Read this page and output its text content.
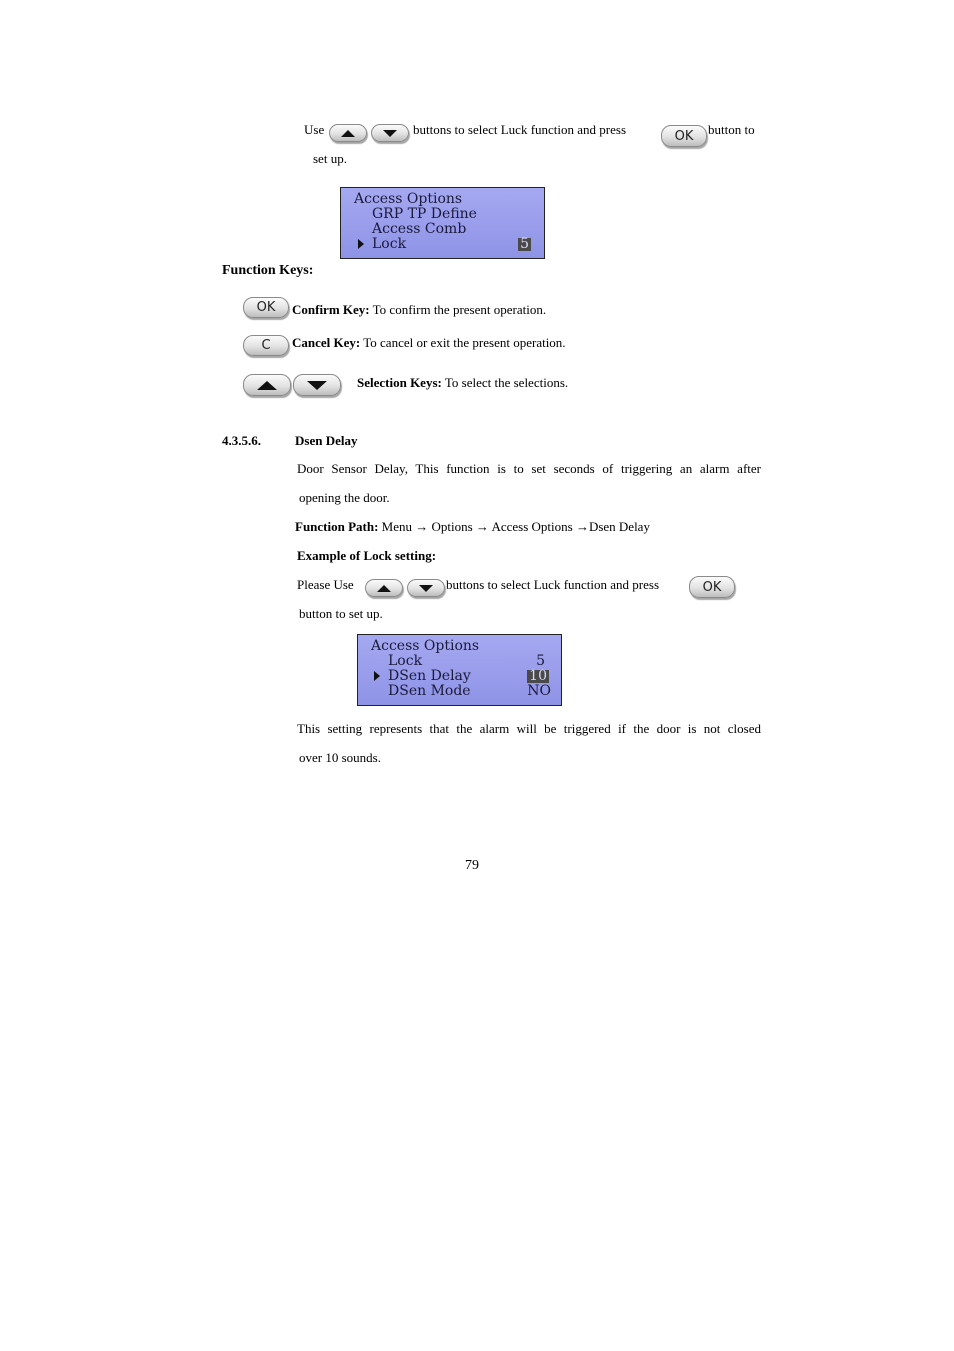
Use	buttons to select Luck function and press	OK	button to
set up.
Access Options
GRP TP Define
Access Comb
Lock	5
Function Keys:
OK	Confirm Key: To confirm the present operation.
C	Cancel Key: To cancel or exit the present operation.
Selection Keys: To select the selections.
4.3.5.6.	Dsen Delay
Door Sensor Delay, This function is to set seconds of triggering an alarm after
opening the door.
Function Path: Menu → Options → Access Options →Dsen Delay
Example of Lock setting:
Please Use	buttons to select Luck function and press	OK
button to set up.
Access Options
Lock	5
DSen Delay	10
DSen Mode	NO
This setting represents that the alarm will be triggered if the door is not closed
over 10 sounds.
79
